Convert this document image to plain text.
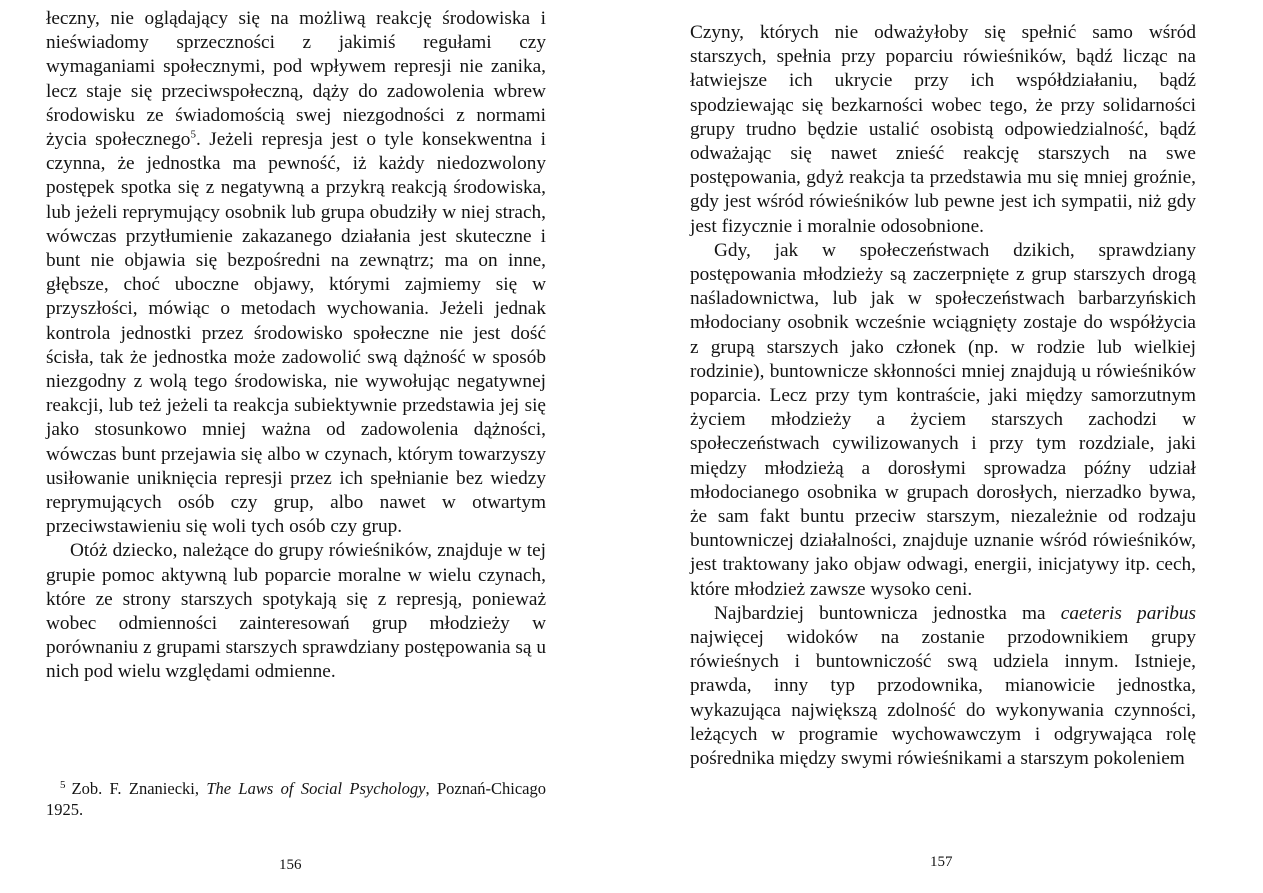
łeczny, nie oglądający się na możliwą reakcję środowiska i nieświadomy sprzeczności z jakimiś regułami czy wymaganiami społecznymi, pod wpływem represji nie zanika, lecz staje się przeciwspołeczną, dąży do zadowolenia wbrew środowisku ze świadomością swej niezgodności z normami życia społecznego$^5$. Jeżeli represja jest o tyle konsekwentna i czynna, że jednostka ma pewność, iż każdy niedozwolony postępek spotka się z negatywną a przykrą reakcją środowiska, lub jeżeli reprymujący osobnik lub grupa obudziły w niej strach, wówczas przytłumienie zakazanego działania jest skuteczne i bunt nie objawia się bezpośredni na zewnątrz; ma on inne, głębsze, choć uboczne objawy, którymi zajmiemy się w przyszłości, mówiąc o metodach wychowania. Jeżeli jednak kontrola jednostki przez środowisko społeczne nie jest dość ścisła, tak że jednostka może zadowolić swą dążność w sposób niezgodny z wolą tego środowiska, nie wywołując negatywnej reakcji, lub też jeżeli ta reakcja subiektywnie przedstawia jej się jako stosunkowo mniej ważna od zadowolenia dążności, wówczas bunt przejawia się albo w czynach, którym towarzyszy usiłowanie uniknięcia represji przez ich spełnianie bez wiedzy reprymujących osób czy grup, albo nawet w otwartym przeciwstawieniu się woli tych osób czy grup.

Otóż dziecko, należące do grupy rówieśników, znajduje w tej grupie pomoc aktywną lub poparcie moralne w wielu czynach, które ze strony starszych spotykają się z represją, ponieważ wobec odmienności zainteresowań grup młodzieży w porównaniu z grupami starszych sprawdziany postępowania są u nich pod wielu względami odmienne.

$^5$ Zob. F. Znaniecki, The Laws of Social Psychology, Poznań-Chicago 1925.

156

Czyny, których nie odważyłoby się spełnić samo wśród starszych, spełnia przy poparciu rówieśników, bądź licząc na łatwiejsze ich ukrycie przy ich współdziałaniu, bądź spodziewając się bezkarności wobec tego, że przy solidarności grupy trudno będzie ustalić osobistą odpowiedzialność, bądź odważając się nawet znieść reakcję starszych na swe postępowania, gdyż reakcja ta przedstawia mu się mniej groźnie, gdy jest wśród rówieśników lub pewne jest ich sympatii, niż gdy jest fizycznie i moralnie odosobnione.

Gdy, jak w społeczeństwach dzikich, sprawdziany postępowania młodzieży są zaczerpnięte z grup starszych drogą naśladownictwa, lub jak w społeczeństwach barbarzyńskich młodociany osobnik wcześnie wciągnięty zostaje do współżycia z grupą starszych jako członek (np. w rodzie lub wielkiej rodzinie), buntownicze skłonności mniej znajdują u rówieśników poparcia. Lecz przy tym kontraście, jaki między samorzutnym życiem młodzieży a życiem starszych zachodzi w społeczeństwach cywilizowanych i przy tym rozdziale, jaki między młodzieżą a dorosłymi sprowadza późny udział młodocianego osobnika w grupach dorosłych, nierzadko bywa, że sam fakt buntu przeciw starszym, niezależnie od rodzaju buntowniczej działalności, znajduje uznanie wśród rówieśników, jest traktowany jako objaw odwagi, energii, inicjatywy itp. cech, które młodzież zawsze wysoko ceni.

Najbardziej buntownicza jednostka ma caeteris paribus najwięcej widoków na zostanie przodownikiem grupy rówieśnych i buntowniczość swą udziela innym. Istnieje, prawda, inny typ przodownika, mianowicie jednostka, wykazująca największą zdolność do wykonywania czynności, leżących w programie wychowawczym i odgrywająca rolę pośrednika między swymi rówieśnikami a starszym pokoleniem

157
